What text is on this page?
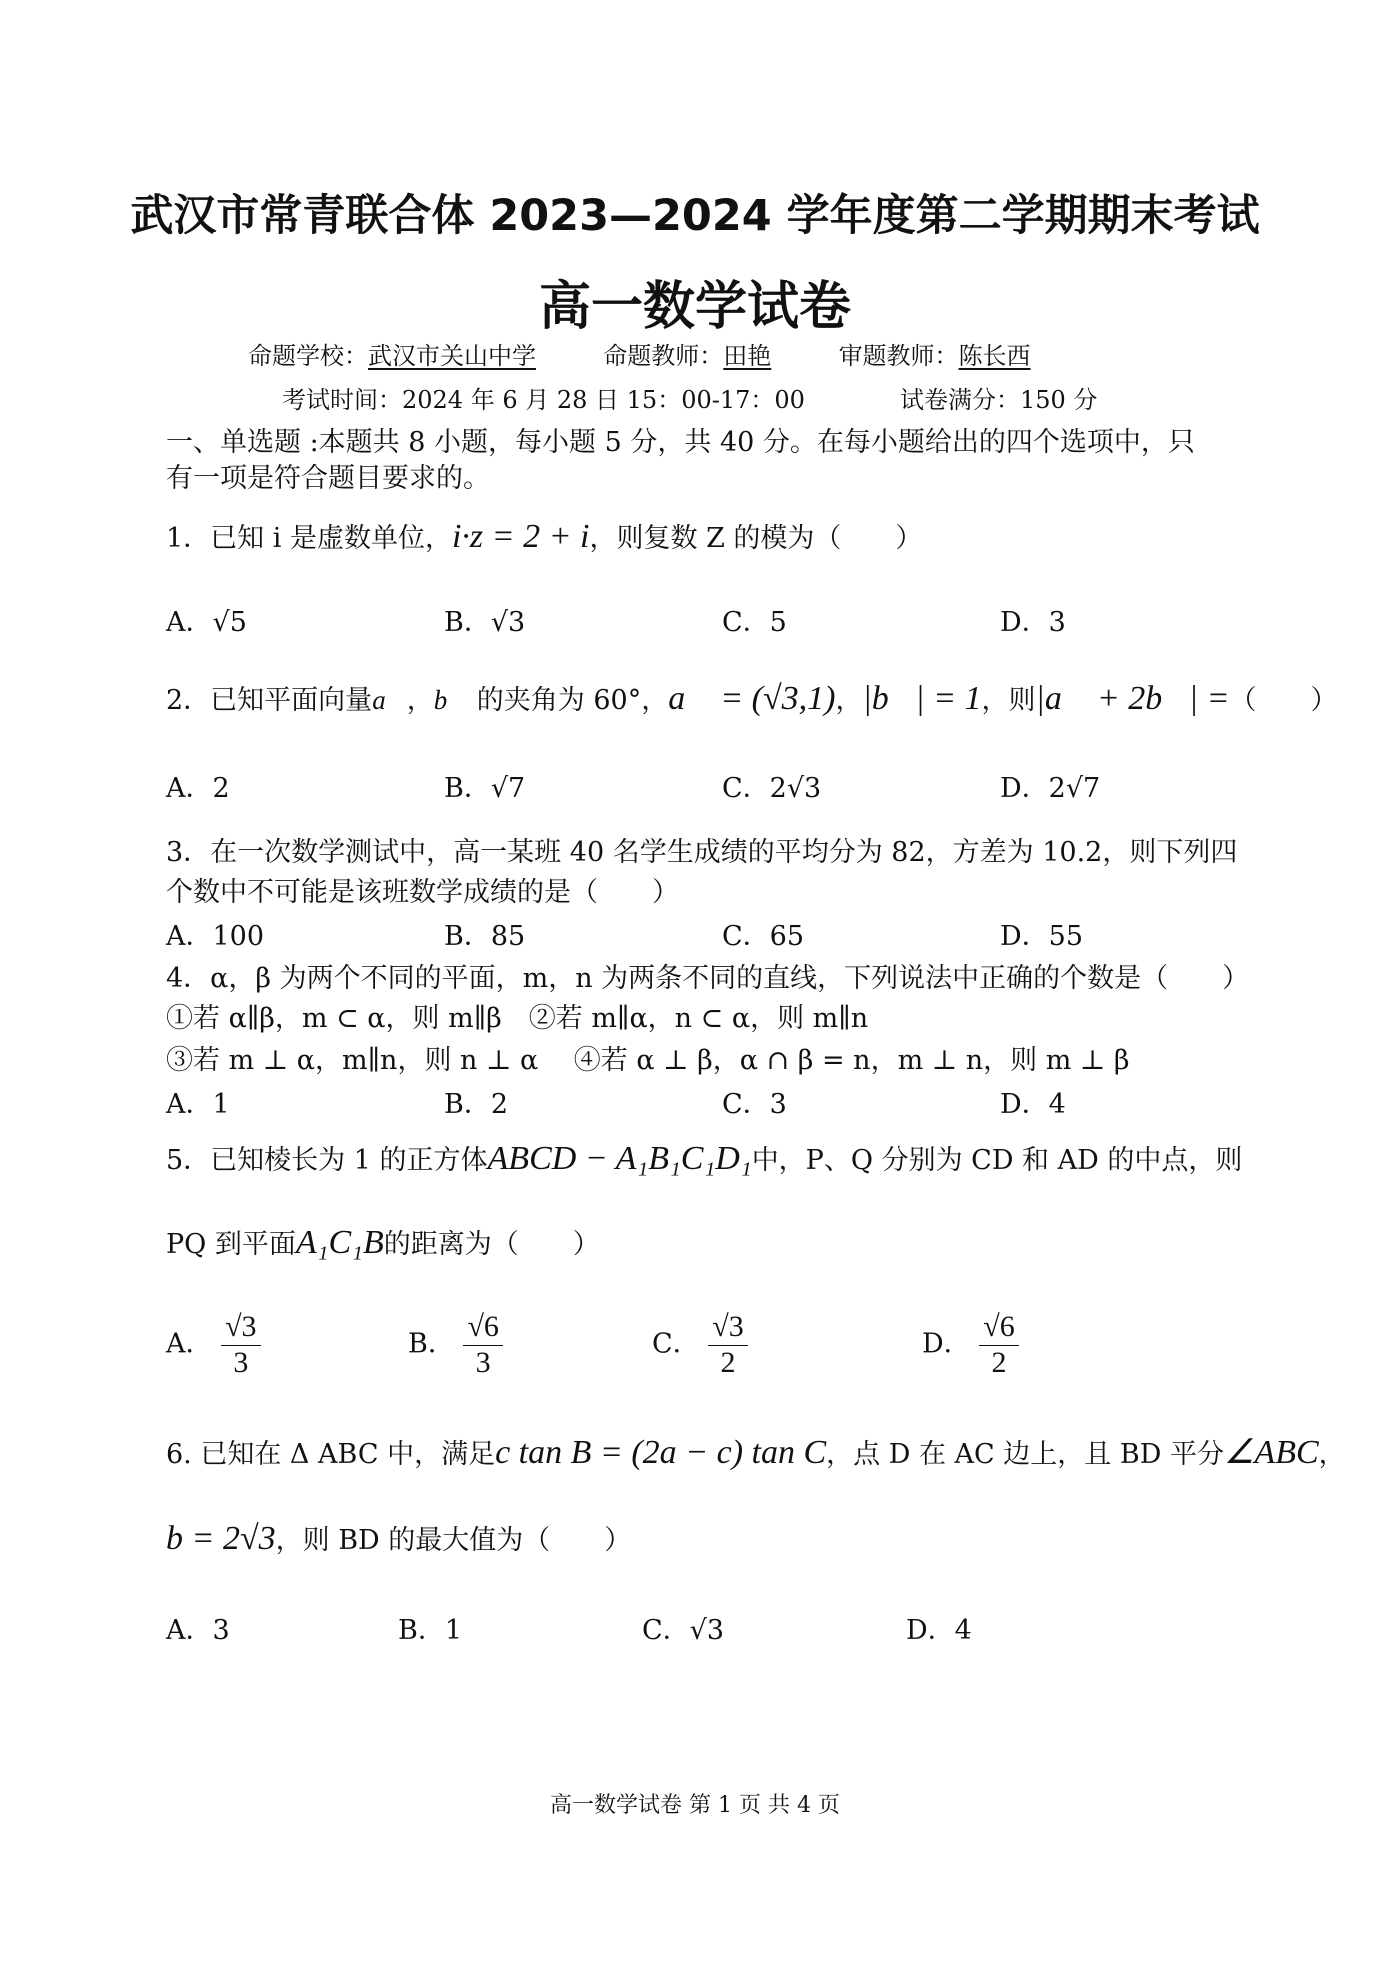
武汉市常青联合体 2023—2024 学年度第二学期期末考试
高一数学试卷
命题学校：武汉市关山中学	命题教师：田艳	审题教师：陈长西
考试时间：2024 年 6 月 28 日 15：00-17：00	试卷满分：150 分
一、单选题 :本题共 8 小题，每小题 5 分，共 40 分。在每小题给出的四个选项中，只
有一项是符合题目要求的。
1．已知 i 是虚数单位，i·z = 2 + i，则复数 Z 的模为（　　）
A．√5	B．√3	C．5	D．3
2．已知平面向量a⃗，b⃗ 的夹角为 60°，a⃗ = (√3,1)，|b⃗| = 1，则|a⃗ + 2b⃗| =（　　）
A．2	B．√7	C．2√3	D．2√7
3．在一次数学测试中，高一某班 40 名学生成绩的平均分为 82，方差为 10.2，则下列四
个数中不可能是该班数学成绩的是（　　）
A．100	B．85	C．65	D．55
4．α，β 为两个不同的平面，m，n 为两条不同的直线，下列说法中正确的个数是（　　）
①若 α∥β，m ⊂ α，则 m∥β　②若 m∥α，n ⊂ α，则 m∥n
③若 m ⊥ α，m∥n，则 n ⊥ α　 ④若 α ⊥ β，α ∩ β = n，m ⊥ n，则 m ⊥ β
A．1	B．2	C．3	D．4
5．已知棱长为 1 的正方体ABCD − A₁B₁C₁D₁中，P、Q 分别为 CD 和 AD 的中点，则
PQ 到平面A₁C₁B的距离为（　　）
A． $\frac{√3}{3}$	B． $\frac{√6}{3}$	C． $\frac{√3}{2}$	D． $\frac{√6}{2}$
6. 已知在 Δ ABC 中，满足c tan B = (2a − c) tan C，点 D 在 AC 边上，且 BD 平分∠ABC，
b = 2√3，则 BD 的最大值为（　　）
A．3	B．1	C．√3	D．4
高一数学试卷 第 1 页 共 4 页
